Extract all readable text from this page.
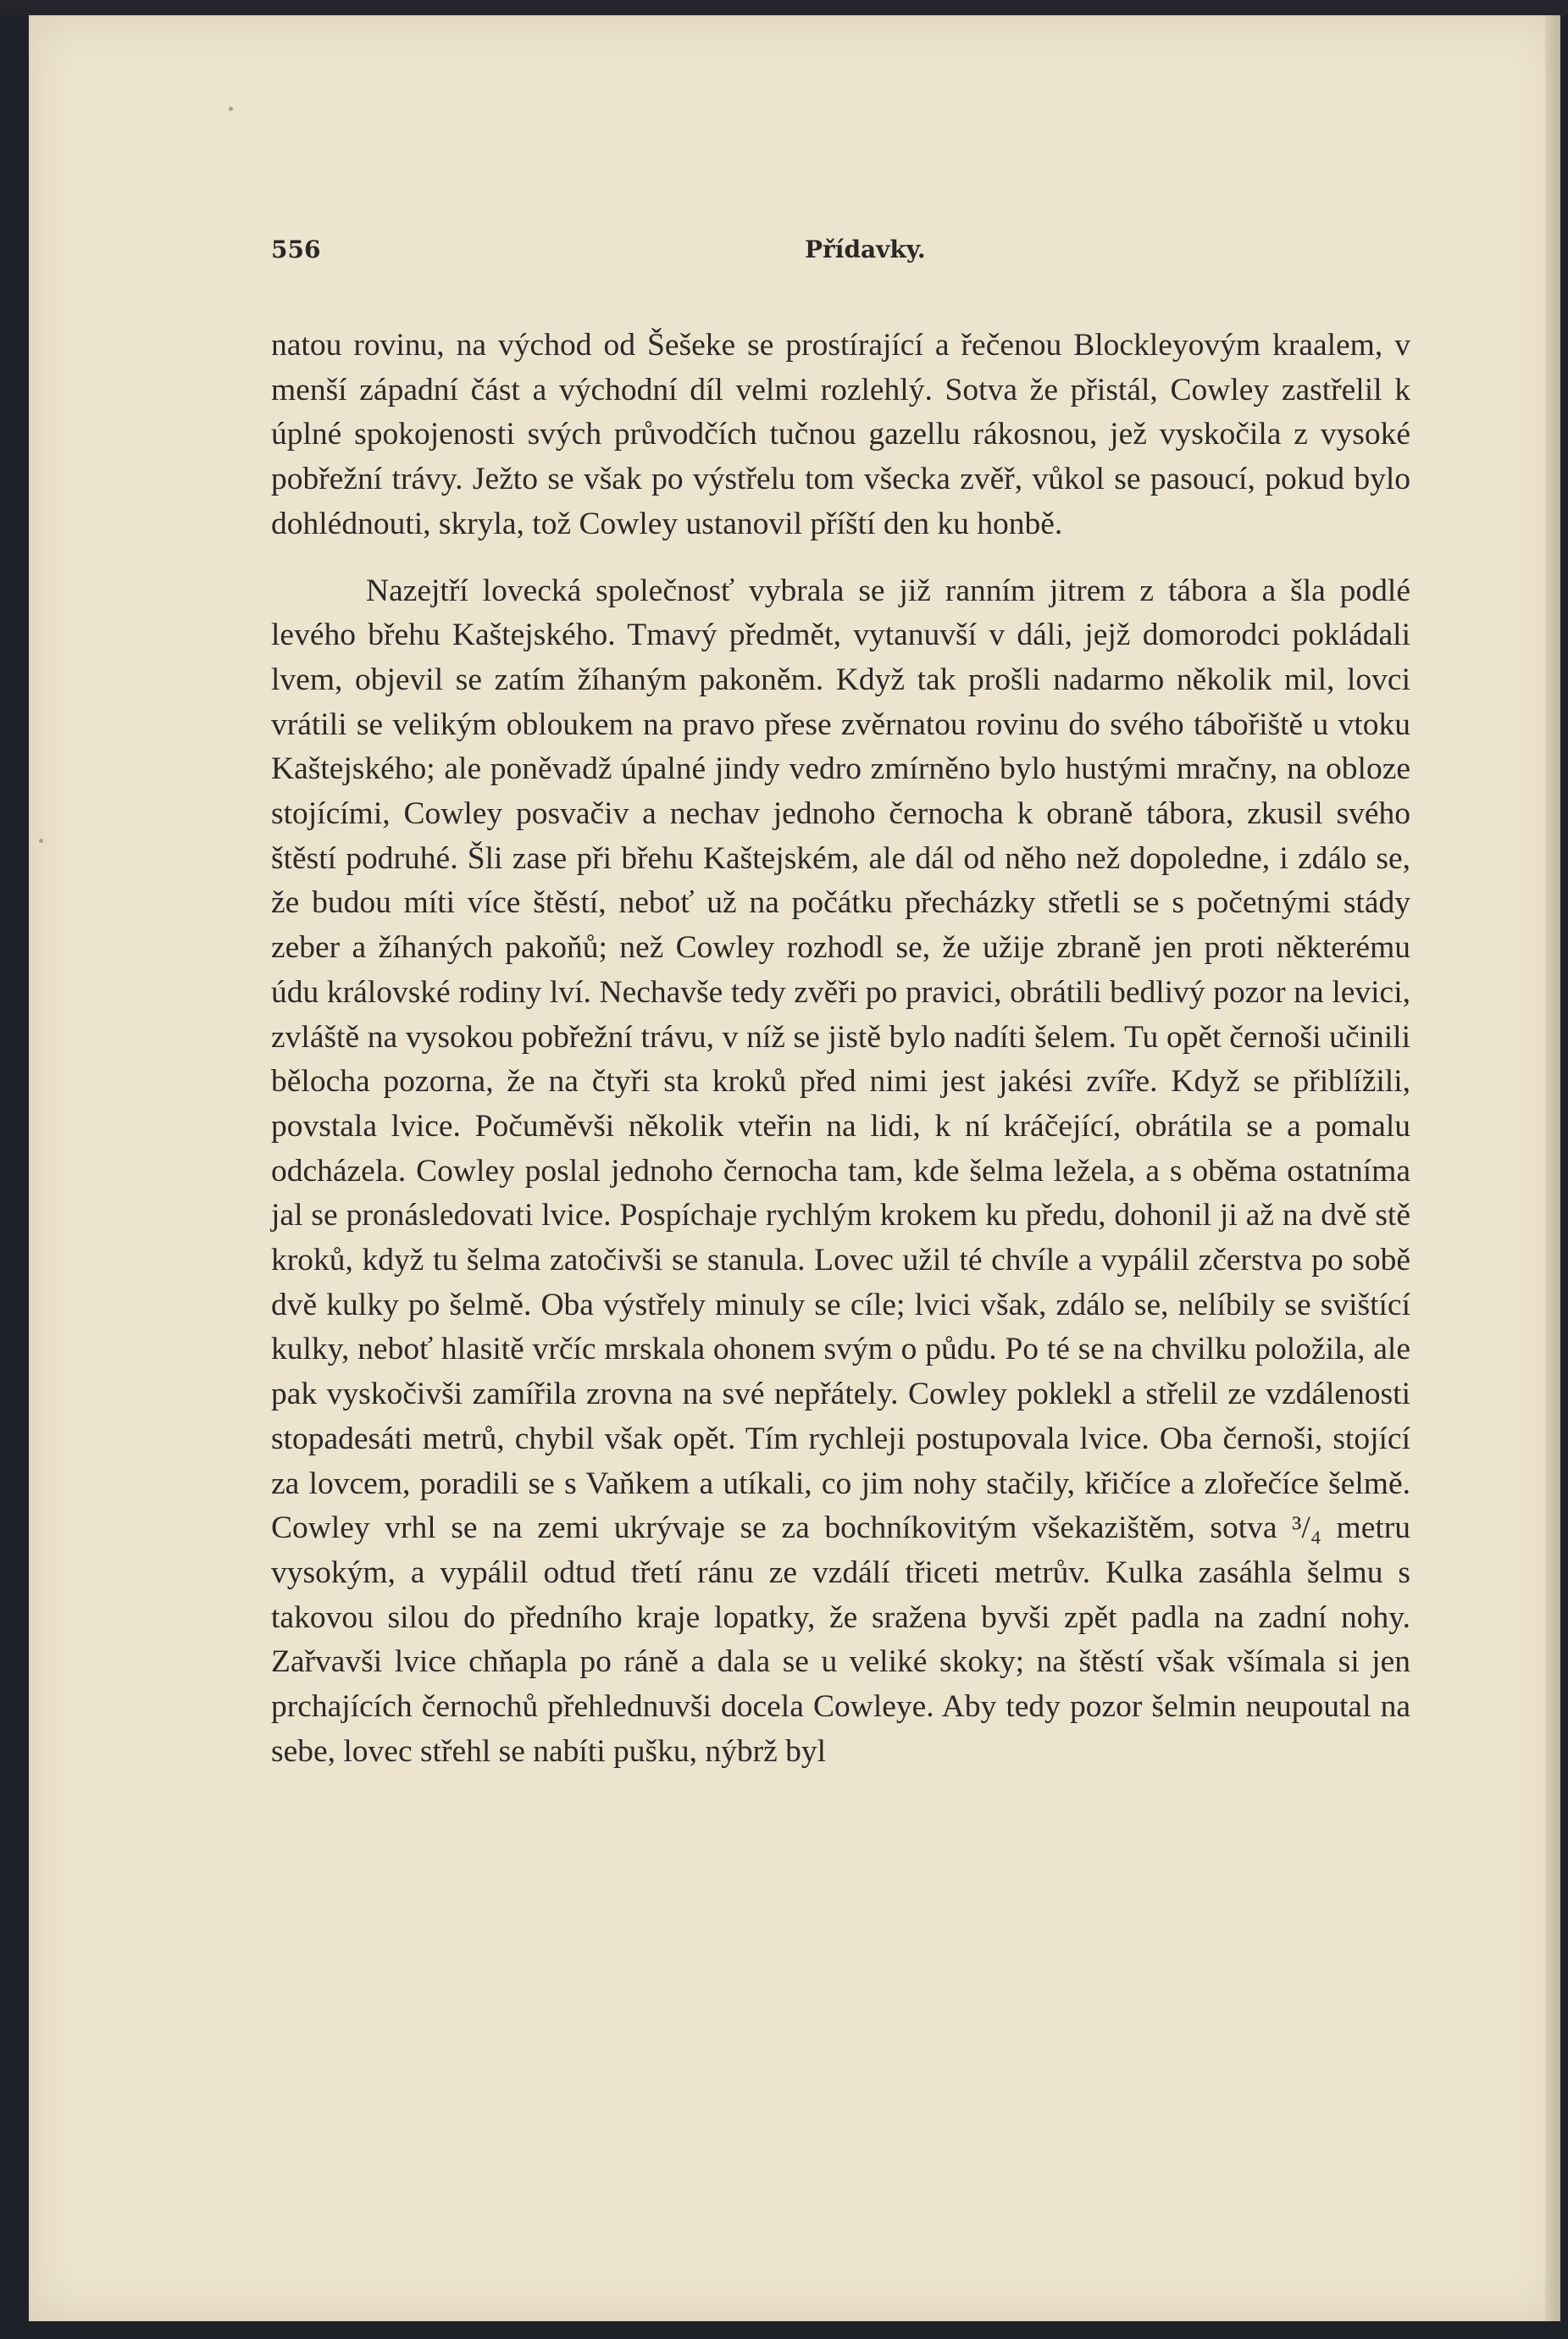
556	Přídavky.

natou rovinu, na východ od Šešeke se prostírající a řečenou Blockleyovým kraalem, v menší západní část a východní díl velmi rozlehlý. Sotva že přistál, Cowley zastřelil k úplné spokojenosti svých průvodčích tučnou gazellu rákosnou, jež vyskočila z vysoké pobřežní trávy. Ježto se však po výstřelu tom všecka zvěř, vůkol se pasoucí, pokud bylo dohlédnouti, skryla, tož Cowley ustanovil příští den ku honbě.

Nazejtří lovecká společnosť vybrala se již ranním jitrem z tábora a šla podlé levého břehu Kaštejského. Tmavý předmět, vytanuvší v dáli, jejž domorodci pokládali lvem, objevil se zatím žíhaným pakoněm. Když tak prošli nadarmo několik mil, lovci vrátili se velikým obloukem na pravo přese zvěrnatou rovinu do svého tábořiště u vtoku Kaštejského; ale poněvadž úpalné jindy vedro zmírněno bylo hustými mračny, na obloze stojícími, Cowley posvačiv a nechav jednoho černocha k obraně tábora, zkusil svého štěstí podruhé. Šli zase při břehu Kaštejském, ale dál od něho než dopoledne, i zdálo se, že budou míti více štěstí, neboť už na počátku přecházky střetli se s početnými stády zeber a žíhaných pakoňů; než Cowley rozhodl se, že užije zbraně jen proti některému údu královské rodiny lví. Nechavše tedy zvěři po pravici, obrátili bedlivý pozor na levici, zvláště na vysokou pobřežní trávu, v níž se jistě bylo nadíti šelem. Tu opět černoši učinili bělocha pozorna, že na čtyři sta kroků před nimi jest jakési zvíře. Když se přiblížili, povstala lvice. Počuměvši několik vteřin na lidi, k ní kráčející, obrátila se a pomalu odcházela. Cowley poslal jednoho černocha tam, kde šelma ležela, a s oběma ostatníma jal se pronásledovati lvice. Pospíchaje rychlým krokem ku předu, dohonil ji až na dvě stě kroků, když tu šelma zatočivši se stanula. Lovec užil té chvíle a vypálil zčerstva po sobě dvě kulky po šelmě. Oba výstřely minuly se cíle; lvici však, zdálo se, nelíbily se svištící kulky, neboť hlasitě vrčíc mrskala ohonem svým o půdu. Po té se na chvilku položila, ale pak vyskočivši zamířila zrovna na své nepřátely. Cowley poklekl a střelil ze vzdálenosti stopadesáti metrů, chybil však opět. Tím rychleji postupovala lvice. Oba černoši, stojící za lovcem, poradili se s Vaňkem a utíkali, co jim nohy stačily, křičíce a zlořečíce šelmě. Cowley vrhl se na zemi ukrývaje se za bochníkovitým všekazištěm, sotva ³/₄ metru vysokým, a vypálil odtud třetí ránu ze vzdálí třiceti metrův. Kulka zasáhla šelmu s takovou silou do předního kraje lopatky, že sražena byvši zpět padla na zadní nohy. Zařvavši lvice chňapla po ráně a dala se u veliké skoky; na štěstí však všímala si jen prchajících černochů přehlednuvši docela Cowleye. Aby tedy pozor šelmin neupoutal na sebe, lovec střehl se nabíti pušku, nýbrž byl
